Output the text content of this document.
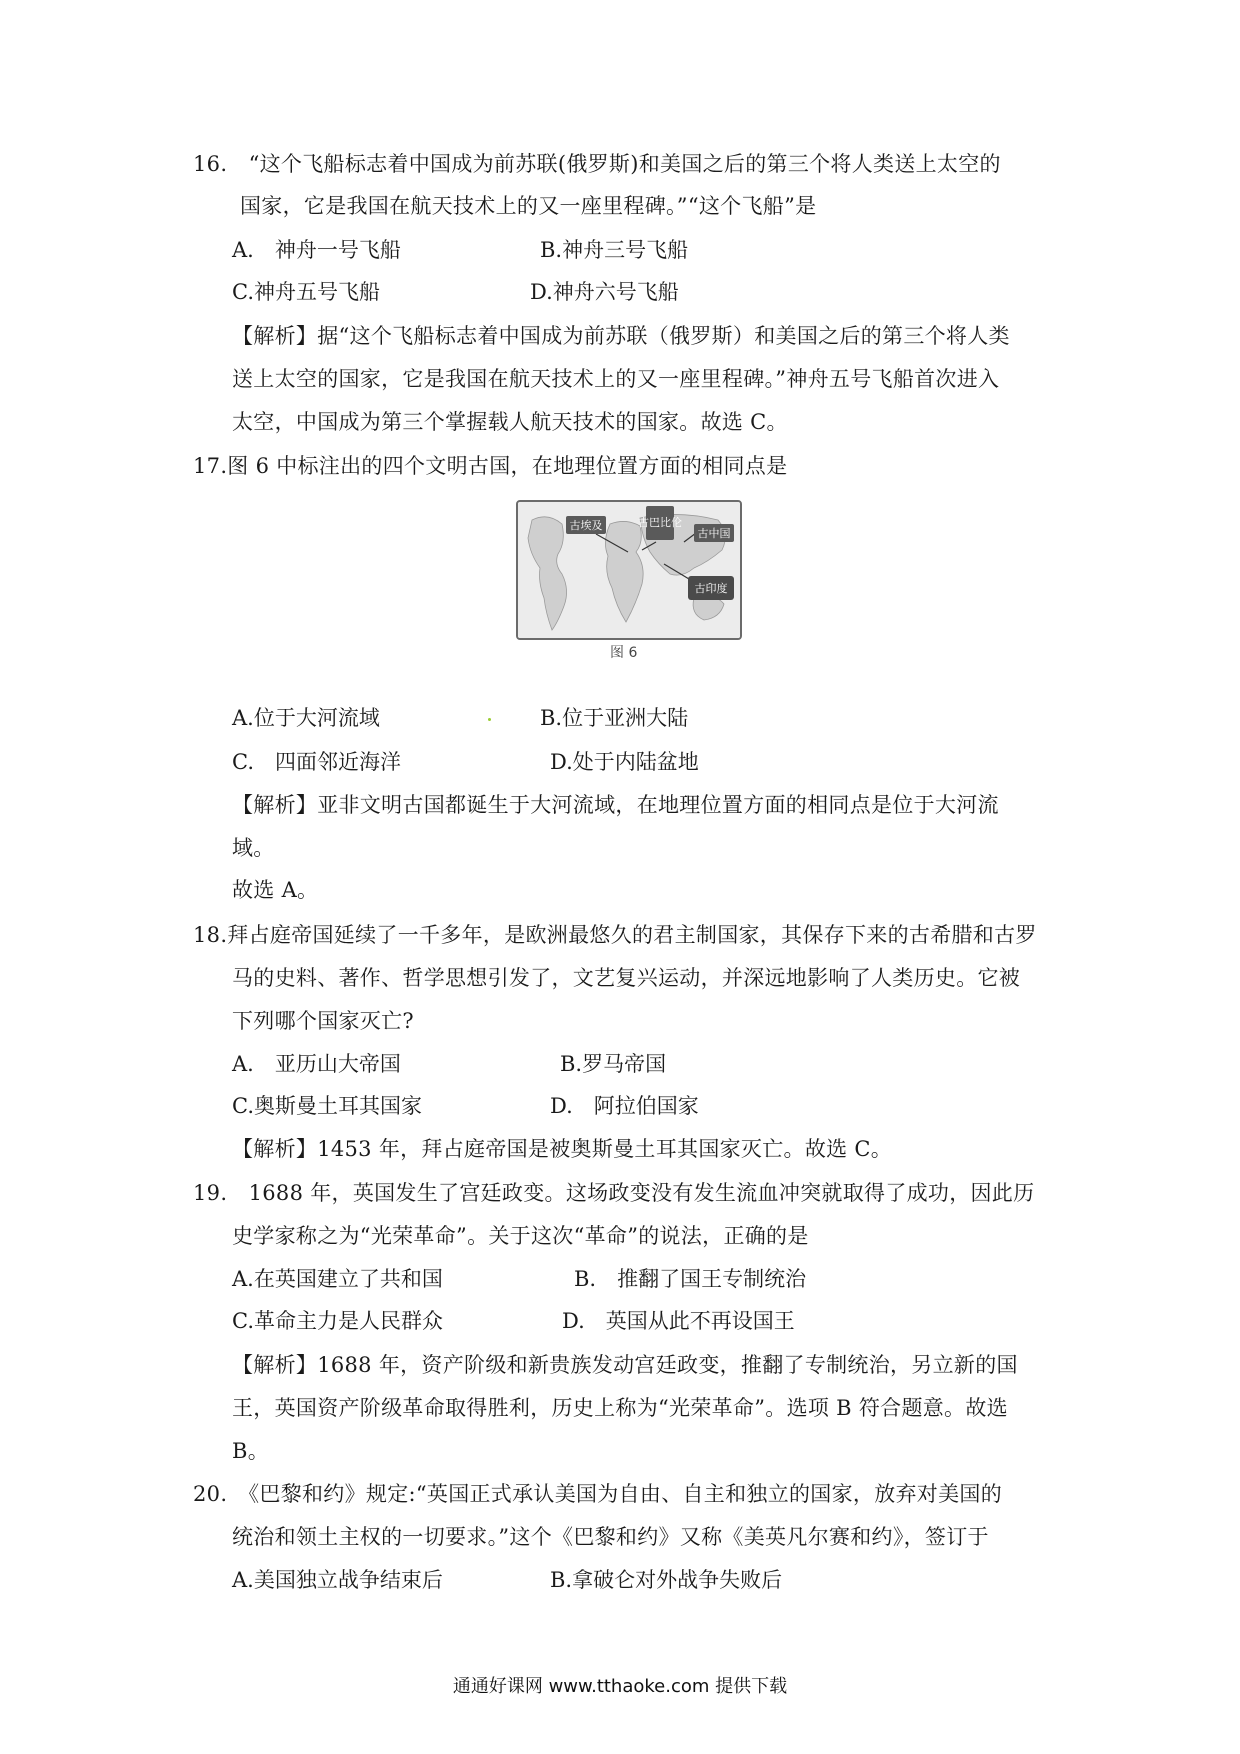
16.　“这个飞船标志着中国成为前苏联(俄罗斯)和美国之后的第三个将人类送上太空的
国家，它是我国在航天技术上的又一座里程碑。”“这个飞船”是
A.　神舟一号飞船	B.神舟三号飞船
C.神舟五号飞船	D.神舟六号飞船
【解析】据“这个飞船标志着中国成为前苏联（俄罗斯）和美国之后的第三个将人类
送上太空的国家，它是我国在航天技术上的又一座里程碑。”神舟五号飞船首次进入
太空，中国成为第三个掌握载人航天技术的国家。故选 C。
17.图 6 中标注出的四个文明古国，在地理位置方面的相同点是
古埃及	古巴比伦
古中国
古印度
图 6
A.位于大河流域	B.位于亚洲大陆
C.　四面邻近海洋	D.处于内陆盆地
【解析】亚非文明古国都诞生于大河流域，在地理位置方面的相同点是位于大河流
域。
故选 A。
18.拜占庭帝国延续了一千多年，是欧洲最悠久的君主制国家，其保存下来的古希腊和古罗
马的史料、著作、哲学思想引发了，文艺复兴运动，并深远地影响了人类历史。它被
下列哪个国家灭亡?
A.　亚历山大帝国	B.罗马帝国
C.奥斯曼土耳其国家	D.　阿拉伯国家
【解析】1453 年，拜占庭帝国是被奥斯曼土耳其国家灭亡。故选 C。
19.　1688 年，英国发生了宫廷政变。这场政变没有发生流血冲突就取得了成功，因此历
史学家称之为“光荣革命”。关于这次“革命”的说法，正确的是
A.在英国建立了共和国	B.　推翻了国王专制统治
C.革命主力是人民群众	D.　英国从此不再设国王
【解析】1688 年，资产阶级和新贵族发动宫廷政变，推翻了专制统治，另立新的国
王，英国资产阶级革命取得胜利，历史上称为“光荣革命”。选项 B 符合题意。故选
B。
20.　《巴黎和约》规定:“英国正式承认美国为自由、自主和独立的国家，放弃对美国的
统治和领土主权的一切要求。”这个《巴黎和约》又称《美英凡尔赛和约》，签订于
A.美国独立战争结束后	B.拿破仑对外战争失败后
通通好课网 www.tthaoke.com 提供下载
